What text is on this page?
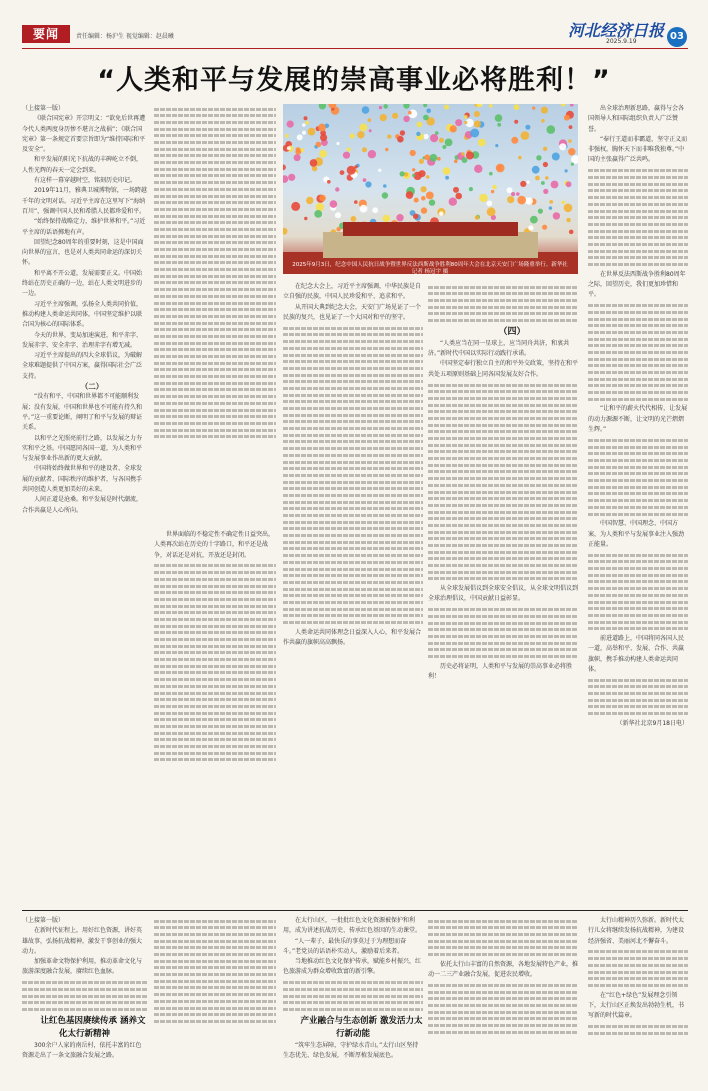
要闻	责任编辑：杨沪生 视觉编辑：赵晨曦	河北经济日报
2025.9.19	03
“人类和平与发展的崇高事业必将胜利！”

（上接第一版）

《联合国宪章》开宗明义：“欲免后世再遭今代人类两度身历惨不堪言之战祸”；《联合国宪章》第一条规定首要宗旨即为“维持国际和平及安全”。

和平发展的阳光下抗战的丰碑屹立不倒，人性光辉的春天一定会到来。

有这样一幕穿越时空，铭刻历史印记。

2019年11月，雅典卫城博物馆，一场跨越千年的文明对话。习近平主席在这里写下“海纳百川”，强调中国人民和希腊人民都珍爱和平。

“始终保持战略定力，维护世界和平。”习近平主席的话语掷地有声。

回望纪念80周年的重要时刻，这是中国面向世界的宣言，也是对人类共同命运的深切关怀。

和平离不开公道，发展需要正义。中国始终站在历史正确的一边，站在人类文明进步的一边。

习近平主席强调，弘扬全人类共同价值，推动构建人类命运共同体，中国坚定维护以联合国为核心的国际体系。

今天的世界，变局加速演进，和平赤字、发展赤字、安全赤字、治理赤字有增无减。

习近平主席提出的四大全球倡议，为破解全球难题提供了中国方案，赢得国际社会广泛支持。

（二）

“没有和平，中国和世界都不可能顺利发展；没有发展，中国和世界也不可能有持久和平。”这一重要论断，阐明了和平与发展的辩证关系。

以和平之光照亮前行之路，以发展之力夯实和平之基。中国愿同各国一道，为人类和平与发展事业作出新的更大贡献。

中国将始终做世界和平的建设者、全球发展的贡献者、国际秩序的维护者，与各国携手共同创造人类更加美好的未来。

人间正道是沧桑。和平发展是时代潮流，合作共赢是人心所向。

2025年9月3日，纪念中国人民抗日战争暨世界反法西斯战争胜利80周年大会在北京天安门广场隆重举行。新华社记者 杨冠宇 摄

世界面临的不稳定性不确定性日益突出，人类再次站在历史的十字路口，和平还是战争，对话还是对抗，开放还是封闭。

在纪念大会上，习近平主席强调，中华民族是自立自强的民族，中国人民珍爱和平、追求和平。

从开国大典到纪念大会，天安门广场见证了一个民族的复兴，也见证了一个大国对和平的坚守。

人类命运共同体理念日益深入人心，和平发展合作共赢的旗帜高高飘扬。

（四）

“人类应当在同一星球上，应当同舟共济，和衷共济。”新时代中国以实际行动践行承诺。

中国坚定奉行独立自主的和平外交政策，坚持在和平共处五项原则基础上同各国发展友好合作。

从全球发展倡议到全球安全倡议，从全球文明倡议到全球治理倡议，中国贡献日益彰显。

历史必将证明，人类和平与发展的崇高事业必将胜利！

出全球治理新思路，赢得与会各国领导人和国际组织负责人广泛赞誉。

“奉行王道而非霸道，坚守正义而非强权，胸怀天下而非唯我独尊。”中国的主张赢得广泛共鸣。

在世界反法西斯战争胜利80周年之际，回望历史，我们更加珍惜和平。

“让和平的薪火代代相传，让发展的动力源源不断，让文明的光芒熠熠生辉。”

中国智慧、中国理念、中国方案，为人类和平与发展事业注入强劲正能量。

前进道路上，中国将同各国人民一道，高举和平、发展、合作、共赢旗帜，携手推动构建人类命运共同体。

（新华社北京9月18日电）

（上接第一版）

在新时代征程上，用好红色资源，讲好英雄故事，弘扬抗战精神，激发干事创业的强大动力。

加强革命文物保护利用，推动革命文化与旅游深度融合发展，赓续红色血脉。

让红色基因赓续传承 涵养文化太行新精神

300余户人家的南岳村，依托丰富的红色资源走出了一条文旅融合发展之路。

在太行山区，一批批红色文化资源被保护和利用，成为讲述抗战历史、传承红色基因的生动课堂。

“人一辈子，最快乐的事莫过于为理想而奋斗。”老党员的话语朴实动人，激励着后来者。

当地推动红色文化保护传承，赋能乡村振兴，红色旅游成为群众增收致富的新引擎。

产业融合与生态创新 激发活力太行新动能

“筑牢生态屏障，守护绿水青山。”太行山区坚持生态优先、绿色发展，不断厚植发展底色。

依托太行山丰富的自然资源，各地发展特色产业，推动一二三产业融合发展，促进农民增收。

太行山精神历久弥新。新时代太行儿女将继续发扬抗战精神，为建设经济强省、美丽河北不懈奋斗。

在“红色+绿色”发展理念引领下，太行山区正焕发出勃勃生机，书写新的时代篇章。
